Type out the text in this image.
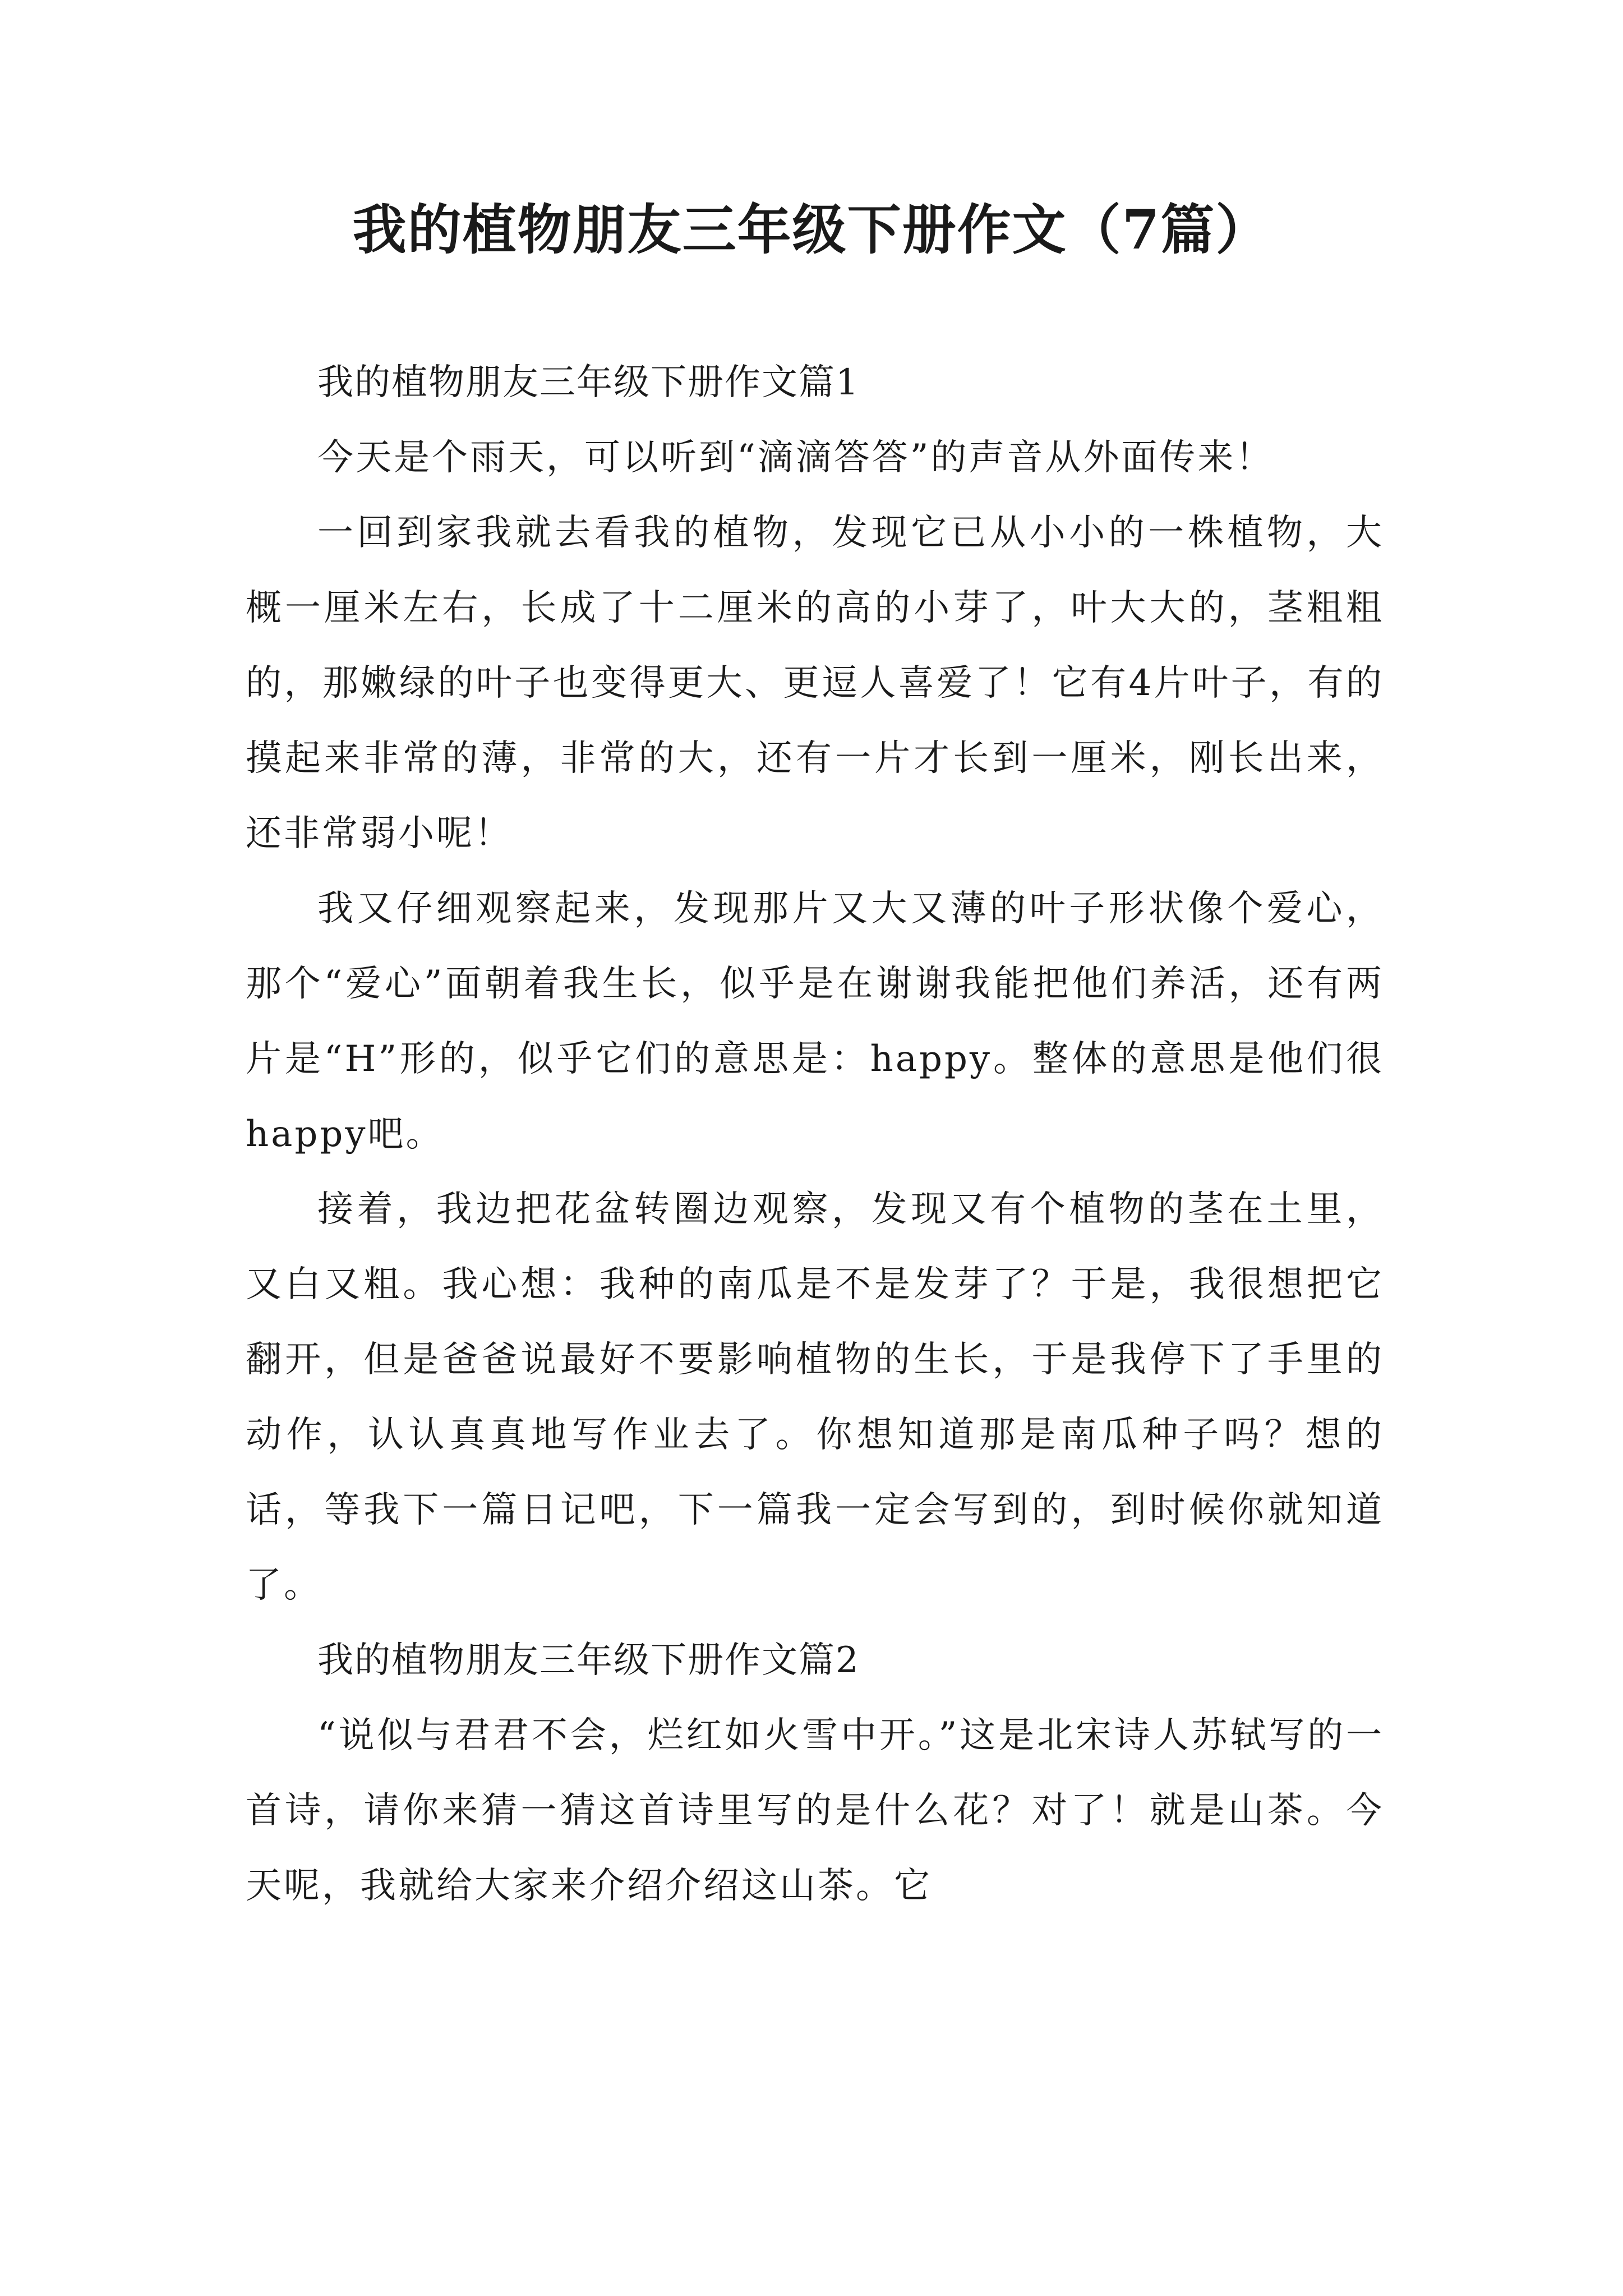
我的植物朋友三年级下册作文（7篇）

我的植物朋友三年级下册作文篇1

今天是个雨天，可以听到“滴滴答答”的声音从外面传来！

一回到家我就去看我的植物，发现它已从小小的一株植物，大概一厘米左右，长成了十二厘米的高的小芽了，叶大大的，茎粗粗的，那嫩绿的叶子也变得更大、更逗人喜爱了！它有4片叶子，有的摸起来非常的薄，非常的大，还有一片才长到一厘米，刚长出来，还非常弱小呢！

我又仔细观察起来，发现那片又大又薄的叶子形状像个爱心，那个“爱心”面朝着我生长，似乎是在谢谢我能把他们养活，还有两片是“H”形的，似乎它们的意思是：happy。整体的意思是他们很happy吧。

接着，我边把花盆转圈边观察，发现又有个植物的茎在土里，又白又粗。我心想：我种的南瓜是不是发芽了？于是，我很想把它翻开，但是爸爸说最好不要影响植物的生长，于是我停下了手里的动作，认认真真地写作业去了。你想知道那是南瓜种子吗？想的话，等我下一篇日记吧，下一篇我一定会写到的，到时候你就知道了。

我的植物朋友三年级下册作文篇2

“说似与君君不会，烂红如火雪中开。”这是北宋诗人苏轼写的一首诗，请你来猜一猜这首诗里写的是什么花？对了！就是山茶。今天呢，我就给大家来介绍介绍这山茶。它
